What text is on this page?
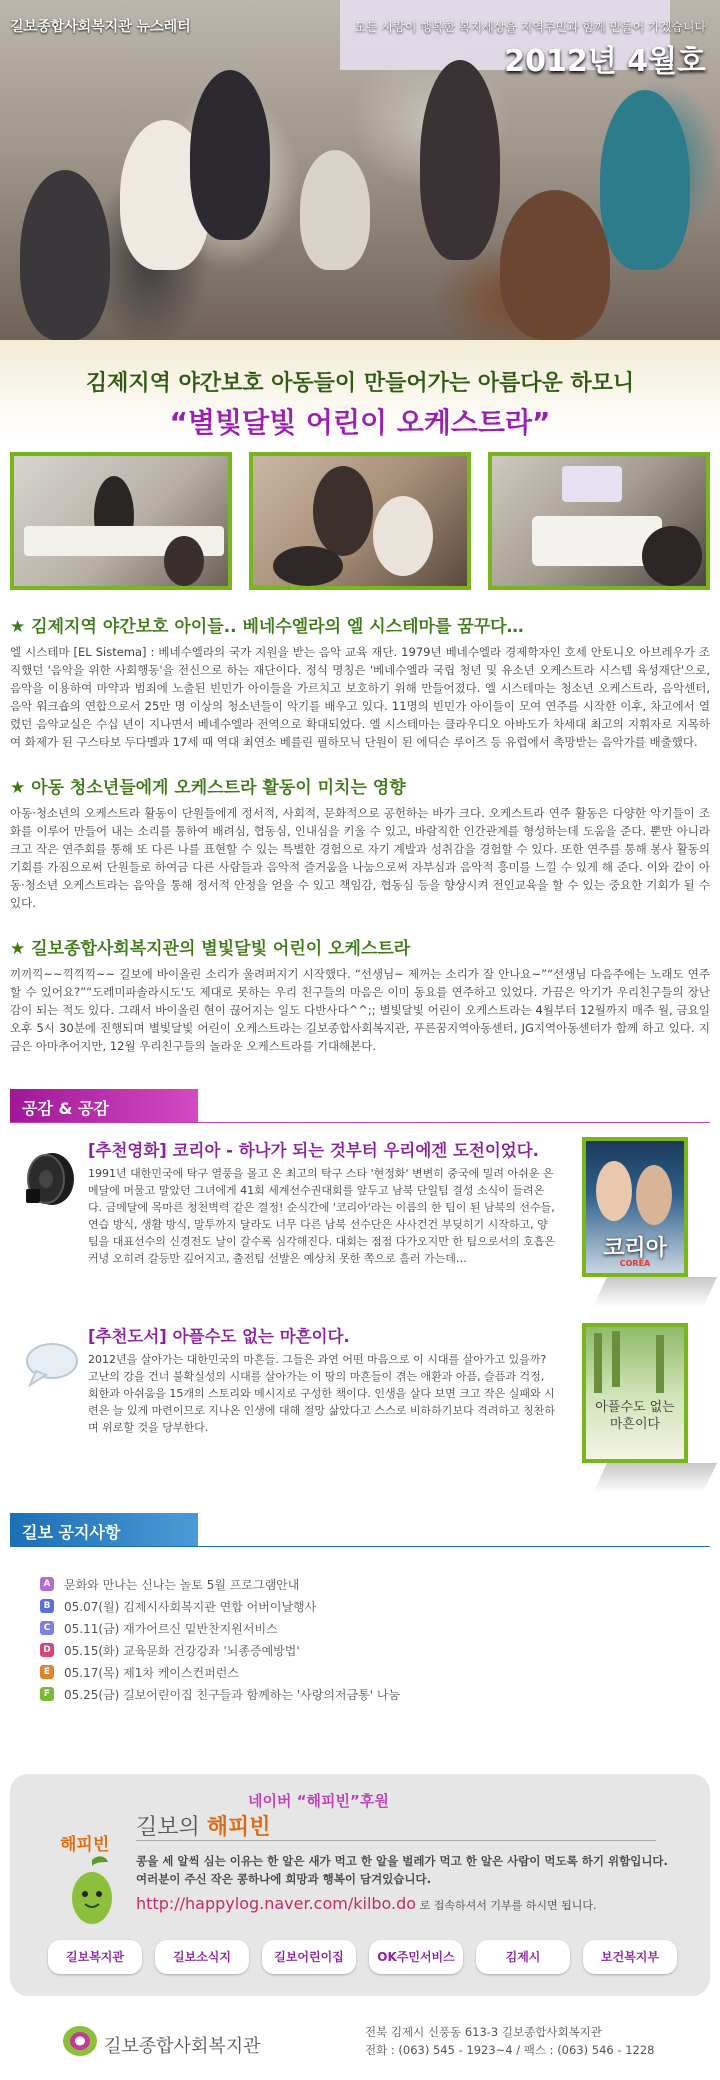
길보종합사회복지관 뉴스레터	모든 사람이 행복한 복지세상을 지역주민과 함께 만들어 가겠습니다
2012년 4월호
김제지역 야간보호 아동들이 만들어가는 아름다운 하모니
“별빛달빛 어린이 오케스트라”
★ 김제지역 야간보호 아이들.. 베네수엘라의 엘 시스테마를 꿈꾸다…
엘 시스테마 [EL Sistema] : 베네수엘라의 국가 지원을 받는 음악 교육 재단. 1979년 베네수엘라 경제학자인 호세 안토니오 아브레우가 조직했던 '음악을 위한 사회행동'을 전신으로 하는 재단이다. 정식 명칭은 '베네수엘라 국립 청년 및 유소년 오케스트라 시스템 육성재단'으로, 음악을 이용하여 마약과 범죄에 노출된 빈민가 아이들을 가르치고 보호하기 위해 만들어졌다. 엘 시스테마는 청소년 오케스트라, 음악센터, 음악 워크숍의 연합으로서 25만 명 이상의 청소년들이 악기를 배우고 있다. 11명의 빈민가 아이들이 모여 연주를 시작한 이후, 차고에서 열렸던 음악교실은 수십 년이 지나면서 베네수엘라 전역으로 확대되었다. 엘 시스테마는 클라우디오 아바도가 차세대 최고의 지휘자로 지목하여 화제가 된 구스타보 두다멜과 17세 때 역대 최연소 베를린 필하모닉 단원이 된 에딕슨 루이즈 등 유럽에서 촉망받는 음악가를 배출했다.
★ 아동 청소년들에게 오케스트라 활동이 미치는 영향
아동·청소년의 오케스트라 활동이 단원들에게 정서적, 사회적, 문화적으로 공헌하는 바가 크다. 오케스트라 연주 활동은 다양한 악기들이 조화를 이루어 만들어 내는 소리를 통하여 배려심, 협동심, 인내심을 키울 수 있고, 바람직한 인간관계를 형성하는데 도움을 준다. 뿐만 아니라 크고 작은 연주회를 통해 또 다른 나를 표현할 수 있는 특별한 경험으로 자기 계발과 성취감을 경험할 수 있다. 또한 연주를 통해 봉사 활동의 기회를 가짐으로써 단원들로 하여금 다른 사람들과 음악적 즐거움을 나눔으로써 자부심과 음악적 흥미를 느낄 수 있게 해 준다. 이와 같이 아동·청소년 오케스트라는 음악을 통해 정서적 안정을 얻을 수 있고 책임감, 협동심 등을 향상시켜 전인교육을 할 수 있는 중요한 기회가 될 수 있다.
★ 길보종합사회복지관의 별빛달빛 어린이 오케스트라
끼끼끽~~끽끽끽~~ 길보에 바이올린 소리가 울려퍼지기 시작했다. “선생님~ 제꺼는 소리가 잘 안나요~”“선생님 다음주에는 노래도 연주할 수 있어요?”“도레미파솔라시도'도 제대로 못하는 우리 친구들의 마음은 이미 동요를 연주하고 있었다. 가끔은 악기가 우리친구들의 장난감이 되는 적도 있다. 그래서 바이올린 현이 끊어지는 일도 다반사다^^;; 별빛달빛 어린이 오케스트라는 4월부터 12월까지 매주 월, 금요일 오후 5시 30분에 진행되며 별빛달빛 어린이 오케스트라는 길보종합사회복지관, 푸른꿈지역아동센터, JG지역아동센터가 함께 하고 있다. 지금은 아마추어지만, 12월 우리친구들의 놀라운 오케스트라를 기대해본다.
공감 & 공감
[추천영화] 코리아 - 하나가 되는 것부터 우리에겐 도전이었다.
1991년 대한민국에 탁구 열풍을 몰고 온 최고의 탁구 스타 '현정화' 변변히 중국에 밀려 아쉬운 은메달에 머물고 말았던 그녀에게 41회 세계선수권대회를 앞두고 남북 단일팀 결성 소식이 들려온다. 금메달에 목마른 청천벽력 같은 결정! 순식간에 '코리아'라는 이름의 한 팀이 된 남북의 선수들, 연습 방식, 생활 방식, 말투까지 달라도 너무 다른 남북 선수단은 사사건건 부딪히기 시작하고, 양 팀을 대표선수의 신경전도 날이 갈수록 심각해진다. 대회는 점점 다가오지만 한 팀으로서의 호흡은커녕 오히려 갈등만 깊어지고, 출전팀 선발은 예상치 못한 쪽으로 흘러 가는데…	코리아
COREA
[추천도서] 아플수도 없는 마흔이다.
2012년을 살아가는 대한민국의 마흔들. 그들은 과연 어떤 마음으로 이 시대를 살아가고 있을까? 고난의 강을 건너 불확실성의 시대를 살아가는 이 땅의 마흔들이 겪는 애환과 아픔, 슬픔과 걱정, 회한과 아쉬움을 15개의 스토리와 메시지로 구성한 책이다. 인생을 살다 보면 크고 작은 실패와 시련은 늘 있게 마련이므로 지나온 인생에 대해 절망 삶았다고 스스로 비하하기보다 격려하고 칭찬하며 위로할 것을 당부한다.
아플수도 없는 마흔이다
길보 공지사항
A 문화와 만나는 신나는 놀토 5월 프로그램안내
B 05.07(월) 김제시사회복지관 연합 어버이날행사
C	05.11(금) 재가어르신 밑반찬지원서비스
D 05.15(화) 교육문화 건강강좌 '뇌종증예방법'
E	05.17(목) 제1차 케이스컨퍼런스
F	05.25(금) 길보어린이집 친구들과 함께하는 '사랑의저금통' 나눔
네이버 “해피빈”후원
길보의 해피빈
해피빈
콩을 세 알씩 심는 이유는 한 알은 새가 먹고 한 알을 벌레가 먹고 한 알은 사람이 먹도록 하기 위함입니다.
여러분이 주신 작은 콩하나에 희망과 행복이 담겨있습니다.
http://happylog.naver.com/kilbo.do 로 접속하셔서 기부를 하시면 됩니다.
길보복지관	길보소식지	길보어린이집	OK주민서비스	김제시	보건복지부
길보종합사회복지관
전북 김제시 신풍동 613-3 길보종합사회복지관
전화 : (063) 545 - 1923~4 / 팩스 : (063) 546 - 1228
